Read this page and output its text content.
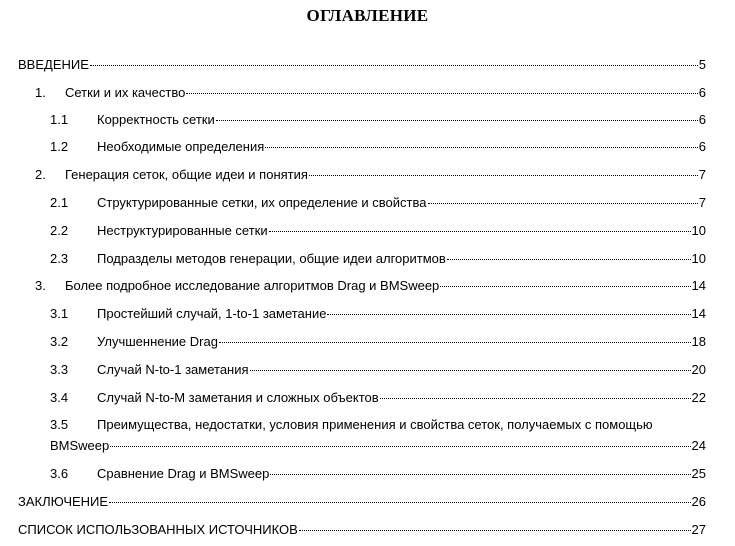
ОГЛАВЛЕНИЕ
ВВЕДЕНИЕ	5
1.	Сетки и их качество	6
1.1	Корректность сетки	6
1.2	Необходимые определения	6
2.	Генерация сеток, общие идеи и понятия	7
2.1	Структурированные сетки, их определение и свойства	7
2.2	Неструктурированные сетки	10
2.3	Подразделы методов генерации, общие идеи алгоритмов	10
3.	Более подробное исследование алгоритмов Drag и BMSweep	14
3.1	Простейший случай, 1-to-1 заметание	14
3.2	Улучшеннение Drag	18
3.3	Случай N-to-1 заметания	20
3.4	Случай N-to-M заметания и сложных объектов	22
3.5	Преимущества, недостатки, условия применения и свойства сеток, получаемых с помощью
BMSweep	24
3.6	Сравнение Drag и BMSweep	25
ЗАКЛЮЧЕНИЕ	26
СПИСОК ИСПОЛЬЗОВАННЫХ ИСТОЧНИКОВ	27
